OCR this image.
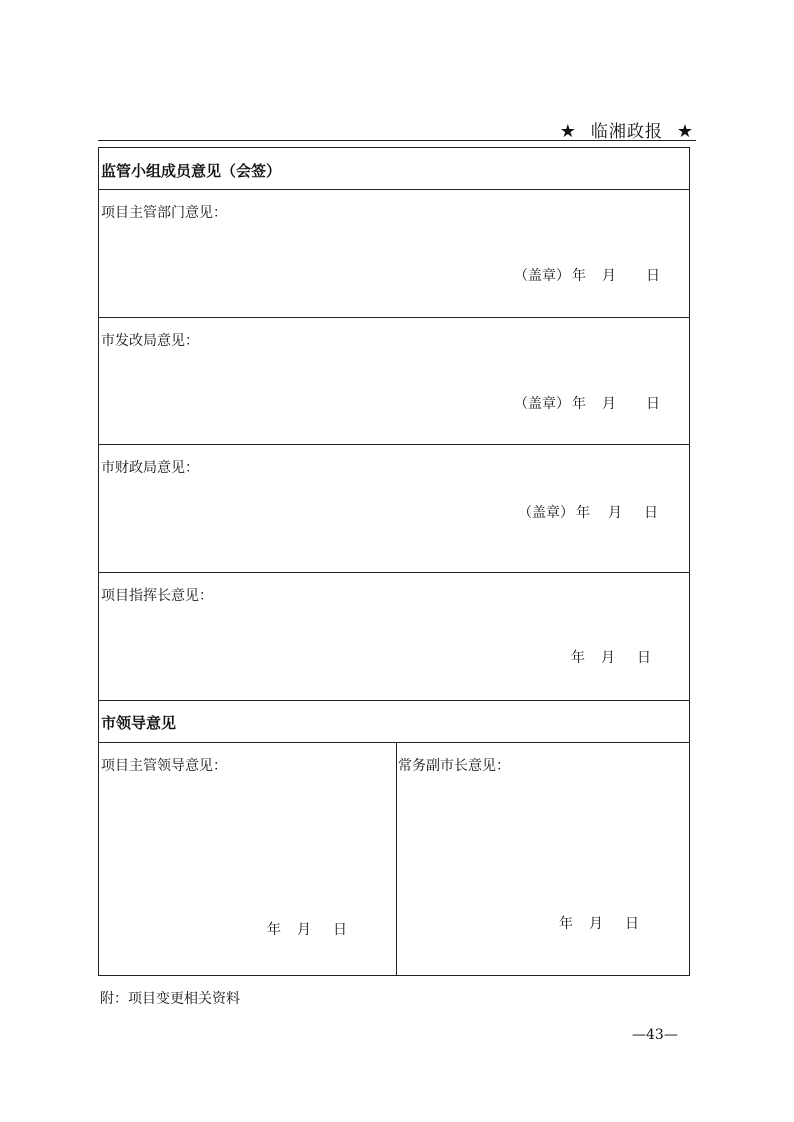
★ 临湘政报 ★
监管小组成员意见（会签）
项目主管部门意见：
（盖章） 年 月 日
市发改局意见：
（盖章） 年 月 日
市财政局意见：
（盖章） 年 月 日
项目指挥长意见：
年 月 日
市领导意见
项目主管领导意见：
年 月 日
常务副市长意见：
年 月 日
附：项目变更相关资料
—43—
